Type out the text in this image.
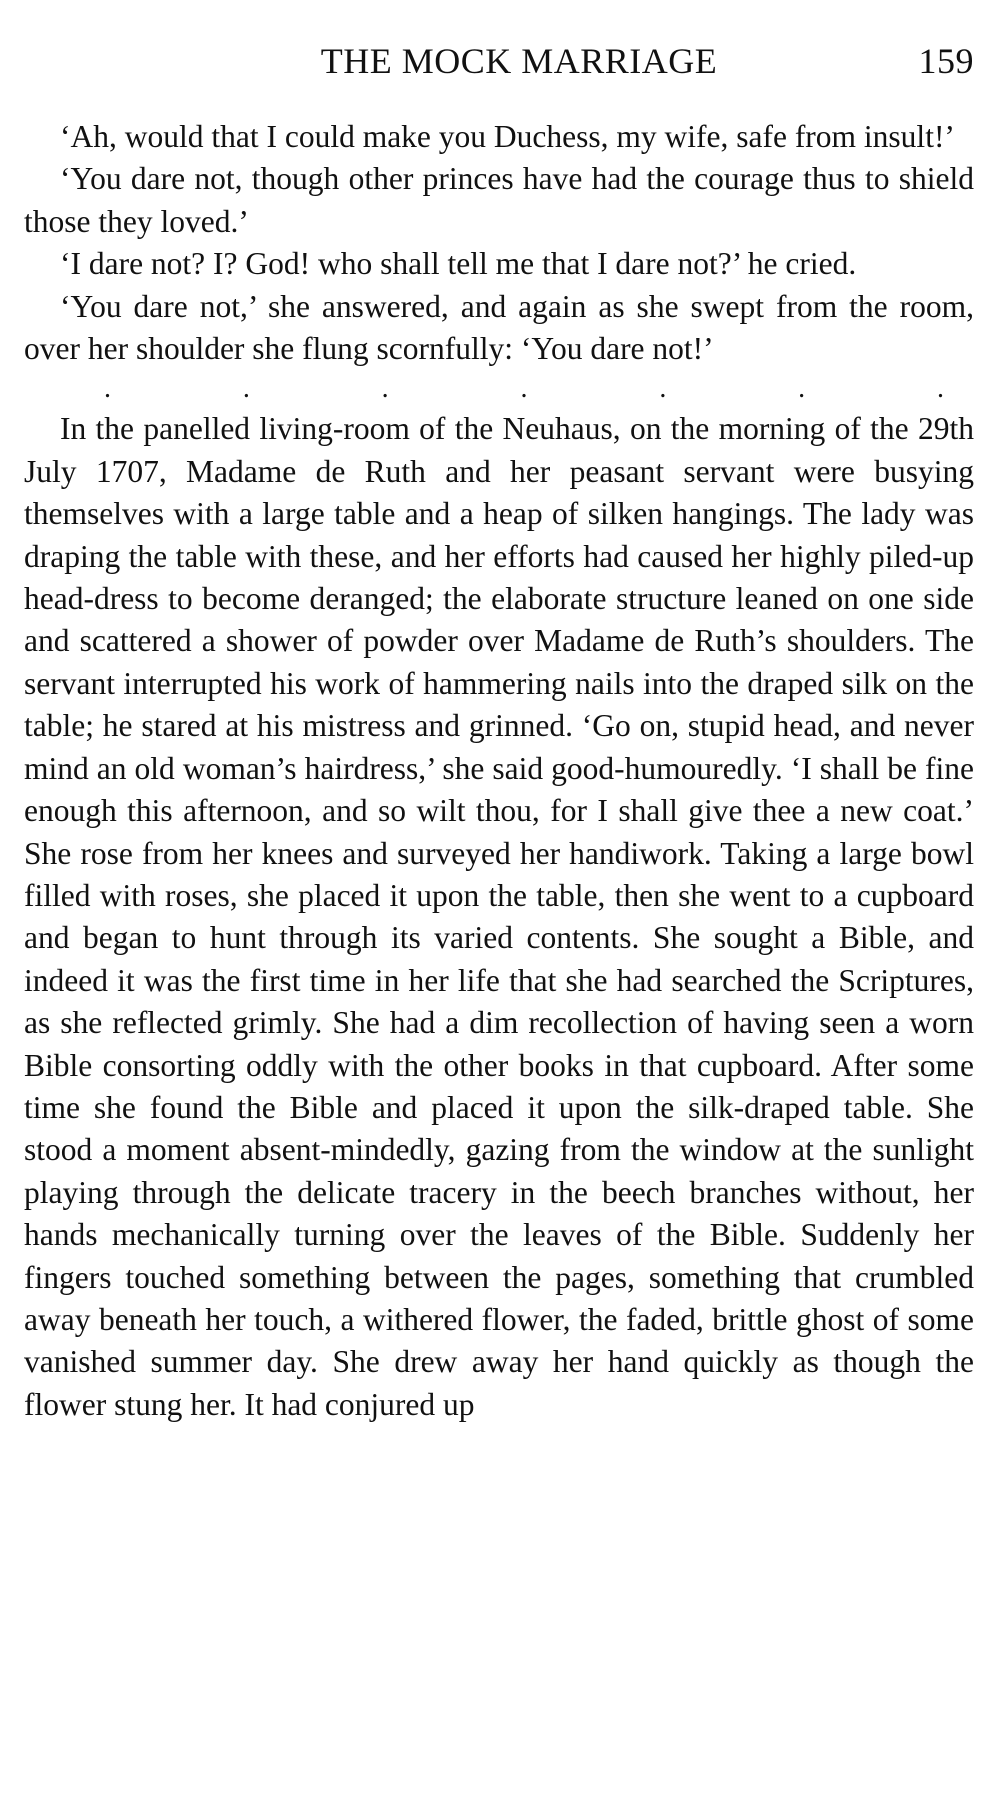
THE MOCK MARRIAGE	159

‘Ah, would that I could make you Duchess, my wife, safe from insult!’

‘You dare not, though other princes have had the courage thus to shield those they loved.’

‘I dare not? I? God! who shall tell me that I dare not?’ he cried.

‘You dare not,’ she answered, and again as she swept from the room, over her shoulder she flung scornfully: ‘You dare not!’

.	.	.	.	.	.	.

In the panelled living-room of the Neuhaus, on the morning of the 29th July 1707, Madame de Ruth and her peasant servant were busying themselves with a large table and a heap of silken hangings. The lady was draping the table with these, and her efforts had caused her highly piled-up head-dress to become deranged; the elaborate structure leaned on one side and scattered a shower of powder over Madame de Ruth’s shoulders. The servant interrupted his work of hammering nails into the draped silk on the table; he stared at his mistress and grinned. ‘Go on, stupid head, and never mind an old woman’s hairdress,’ she said good-humouredly. ‘I shall be fine enough this afternoon, and so wilt thou, for I shall give thee a new coat.’ She rose from her knees and surveyed her handiwork. Taking a large bowl filled with roses, she placed it upon the table, then she went to a cupboard and began to hunt through its varied contents. She sought a Bible, and indeed it was the first time in her life that she had searched the Scriptures, as she reflected grimly. She had a dim recollection of having seen a worn Bible consorting oddly with the other books in that cupboard. After some time she found the Bible and placed it upon the silk-draped table. She stood a moment absent-mindedly, gazing from the window at the sunlight playing through the delicate tracery in the beech branches without, her hands mechanically turning over the leaves of the Bible. Suddenly her fingers touched something between the pages, something that crumbled away beneath her touch, a withered flower, the faded, brittle ghost of some vanished summer day. She drew away her hand quickly as though the flower stung her. It had conjured up
